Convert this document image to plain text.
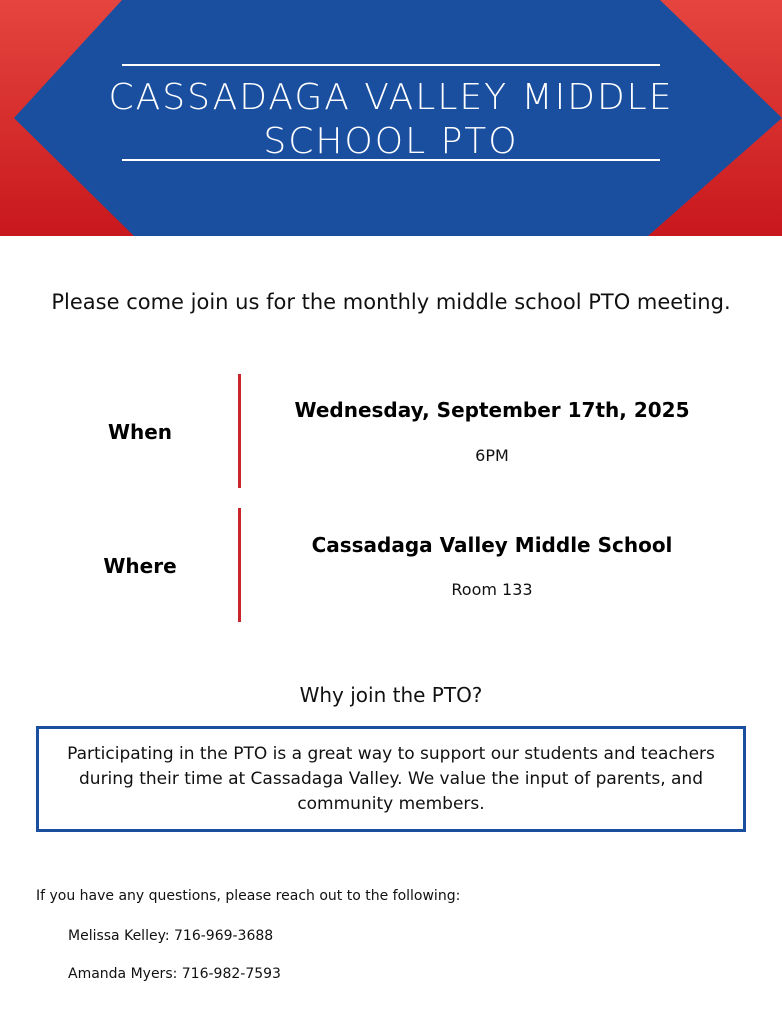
CASSADAGA VALLEY MIDDLE
SCHOOL PTO
Please come join us for the monthly middle school PTO meeting.
When
Wednesday, September 17th, 2025
6PM
Where
Cassadaga Valley Middle School
Room 133
Why join the PTO?
Participating in the PTO is a great way to support our students and teachers during their time at Cassadaga Valley. We value the input of parents, and community members.
If you have any questions, please reach out to the following:
Melissa Kelley: 716-969-3688
Amanda Myers: 716-982-7593
